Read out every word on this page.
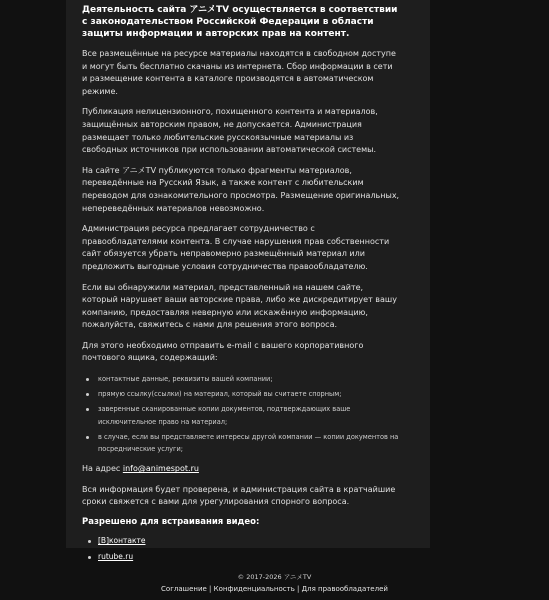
Деятельность сайта アニメTV осуществляется в соответствии с законодательством Российской Федерации в области защиты информации и авторских прав на контент.

Все размещённые на ресурсе материалы находятся в свободном доступе и могут быть бесплатно скачаны из интернета. Сбор информации в сети и размещение контента в каталоге производятся в автоматическом режиме.

Публикация нелицензионного, похищенного контента и материалов, защищённых авторским правом, не допускается. Администрация размещает только любительские русскоязычные материалы из свободных источников при использовании автоматической системы.

На сайте アニメTV публикуются только фрагменты материалов, переведённые на Русский Язык, а также контент с любительским переводом для ознакомительного просмотра. Размещение оригинальных, непереведённых материалов невозможно.

Администрация ресурса предлагает сотрудничество с правообладателями контента. В случае нарушения прав собственности сайт обязуется убрать неправомерно размещённый материал или предложить выгодные условия сотрудничества правообладателю.

Если вы обнаружили материал, представленный на нашем сайте, который нарушает ваши авторские права, либо же дискредитирует вашу компанию, предоставляя неверную или искажённую информацию, пожалуйста, свяжитесь с нами для решения этого вопроса.

Для этого необходимо отправить e-mail с вашего корпоративного почтового ящика, содержащий:

контактные данные, реквизиты вашей компании;
прямую ссылку(ссылки) на материал, который вы считаете спорным;
заверенные сканированные копии документов, подтверждающих ваше исключительное право на материал;
в случае, если вы представляете интересы другой компании — копии документов на посреднические услуги;

На адрес info@animespot.ru

Вся информация будет проверена, и администрация сайта в кратчайшие сроки свяжется с вами для урегулирования спорного вопроса.

Разрешено для встраивания видео:
[В]контакте
rutube.ru
© 2017-2026 アニメTV
Соглашение | Конфиденциальность | Для правообладателей
